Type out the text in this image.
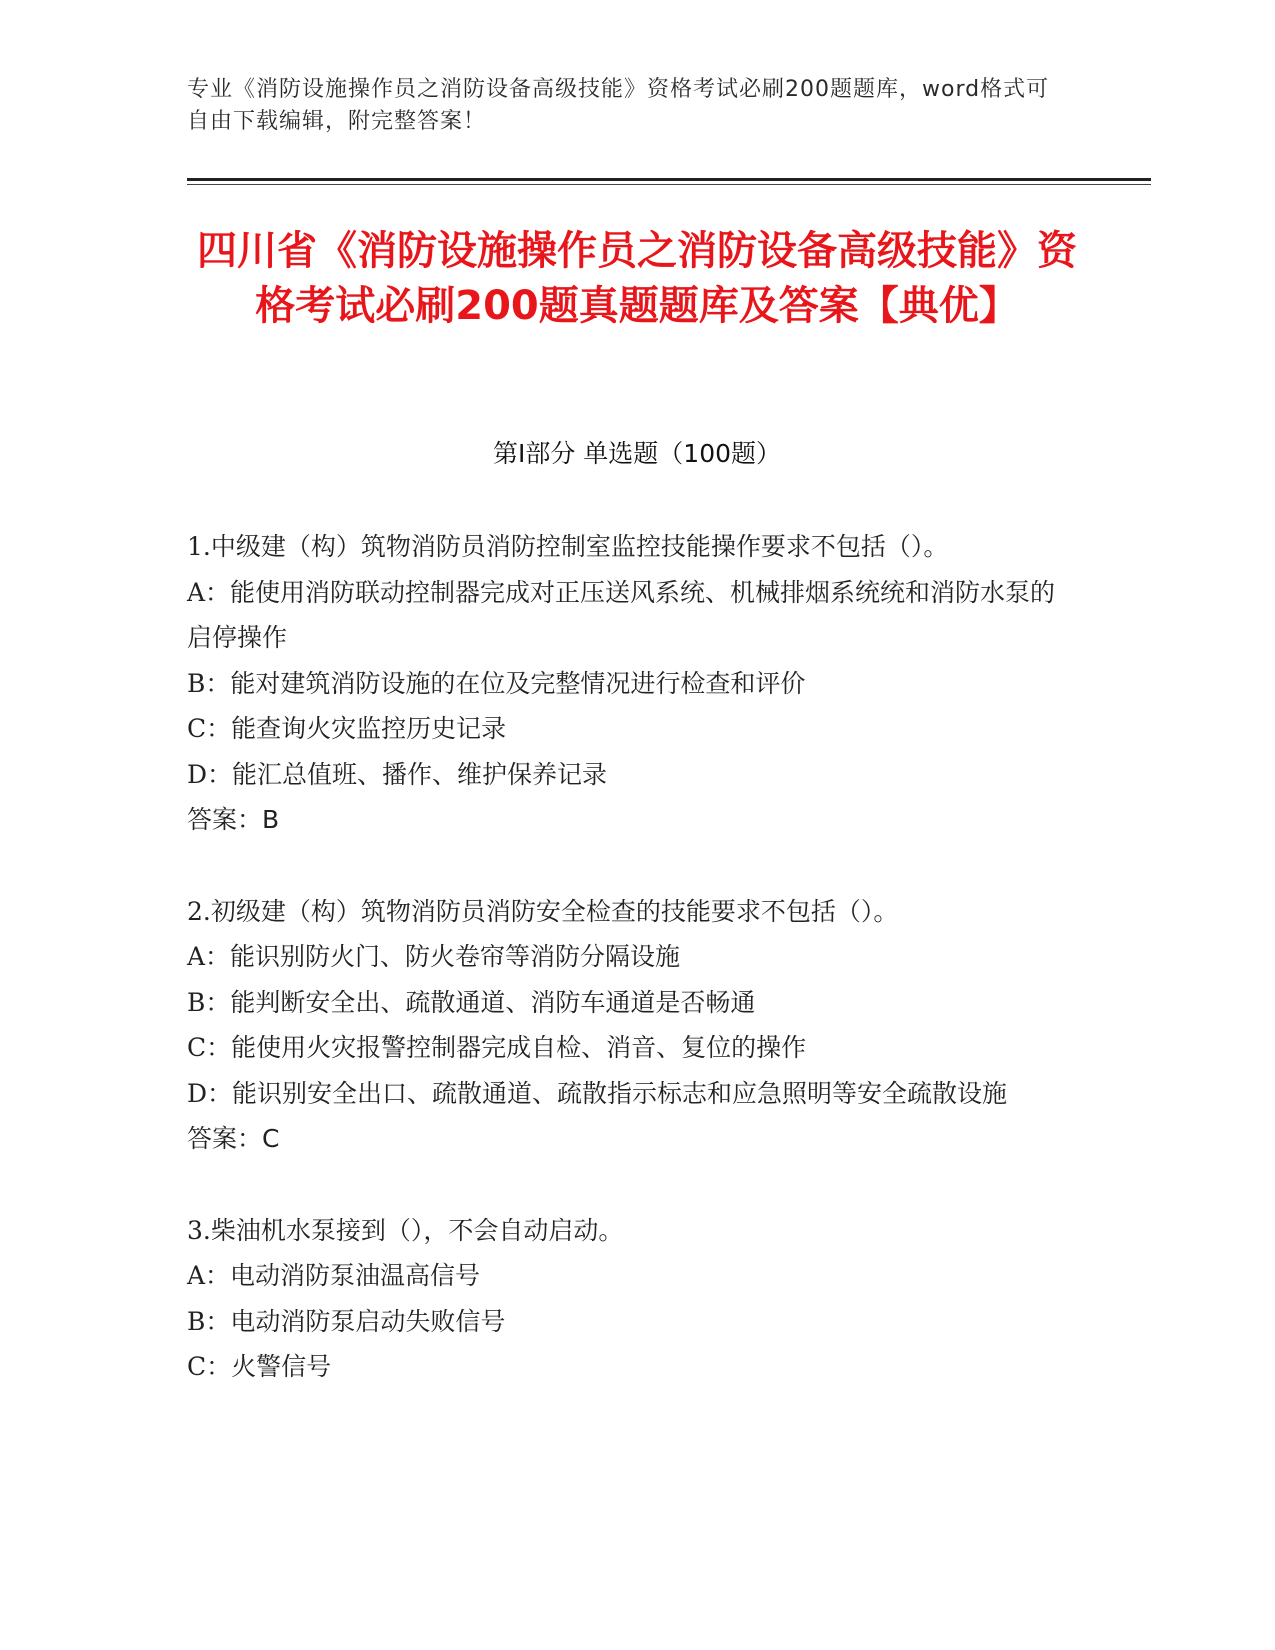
专业《消防设施操作员之消防设备高级技能》资格考试必刷200题题库，word格式可自由下载编辑，附完整答案！
四川省《消防设施操作员之消防设备高级技能》资格考试必刷200题真题题库及答案【典优】
第I部分 单选题（100题）

1.中级建（构）筑物消防员消防控制室监控技能操作要求不包括（）。

A：能使用消防联动控制器完成对正压送风系统、机械排烟系统统和消防水泵的启停操作

B：能对建筑消防设施的在位及完整情况进行检查和评价

C：能查询火灾监控历史记录

D：能汇总值班、播作、维护保养记录

答案：B

2.初级建（构）筑物消防员消防安全检查的技能要求不包括（）。

A：能识别防火门、防火卷帘等消防分隔设施

B：能判断安全出、疏散通道、消防车通道是否畅通

C：能使用火灾报警控制器完成自检、消音、复位的操作

D：能识别安全出口、疏散通道、疏散指示标志和应急照明等安全疏散设施

答案：C

3.柴油机水泵接到（），不会自动启动。

A：电动消防泵油温高信号

B：电动消防泵启动失败信号

C：火警信号
